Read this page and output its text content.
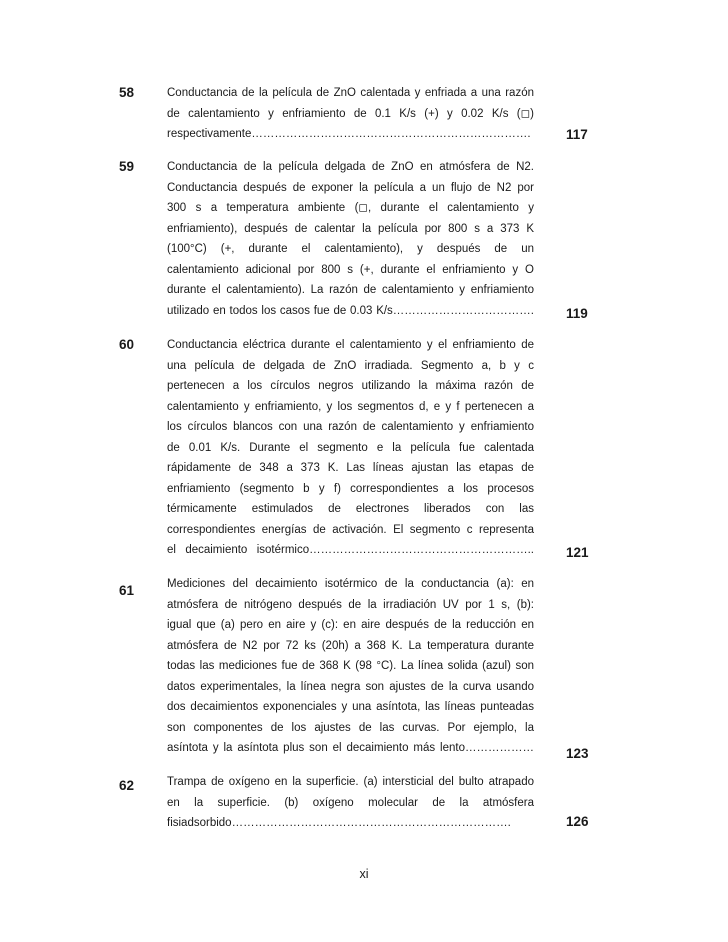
58	Conductancia de la película de ZnO calentada y enfriada a una razón
de calentamiento y enfriamiento de 0.1 K/s (+) y 0.02 K/s (◻)
respectivamente……………………………………………………………….	117
59	Conductancia de la película delgada de ZnO en atmósfera de N2.
Conductancia después de exponer la película a un flujo de N2 por
300 s a temperatura ambiente (◻, durante el calentamiento y
enfriamiento), después de calentar la película por 800 s a 373 K
(100°C) (+, durante el calentamiento), y después de un
calentamiento adicional por 800 s (+, durante el enfriamiento y O
durante el calentamiento). La razón de calentamiento y enfriamiento
utilizado en todos los casos fue de 0.03 K/s………………………………. 119
60	Conductancia eléctrica durante el calentamiento y el enfriamiento de
una película de delgada de ZnO irradiada. Segmento a, b y c
pertenecen a los círculos negros utilizando la máxima razón de
calentamiento y enfriamiento, y los segmentos d, e y f pertenecen a
los círculos blancos con una razón de calentamiento y enfriamiento
de 0.01 K/s. Durante el segmento e la película fue calentada
rápidamente de 348 a 373 K. Las líneas ajustan las etapas de
enfriamiento (segmento b y f) correspondientes a los procesos
térmicamente estimulados de electrones liberados con las
correspondientes energías de activación. El segmento c representa
el decaimiento isotérmico………………………………………………….. 121
61	Mediciones del decaimiento isotérmico de la conductancia (a): en
atmósfera de nitrógeno después de la irradiación UV por 1 s, (b):
igual que (a) pero en aire y (c): en aire después de la reducción en
atmósfera de N2 por 72 ks (20h) a 368 K. La temperatura durante
todas las mediciones fue de 368 K (98 °C). La línea solida (azul) son
datos experimentales, la línea negra son ajustes de la curva usando
dos decaimientos exponenciales y una asíntota, las líneas punteadas
son componentes de los ajustes de las curvas. Por ejemplo, la
asíntota y la asíntota plus son el decaimiento más lento……………… 123
62	Trampa de oxígeno en la superficie. (a) intersticial del bulto atrapado
en la superficie. (b) oxígeno molecular de la atmósfera
fisiadsorbido……………………………………………………………….	126
xi
